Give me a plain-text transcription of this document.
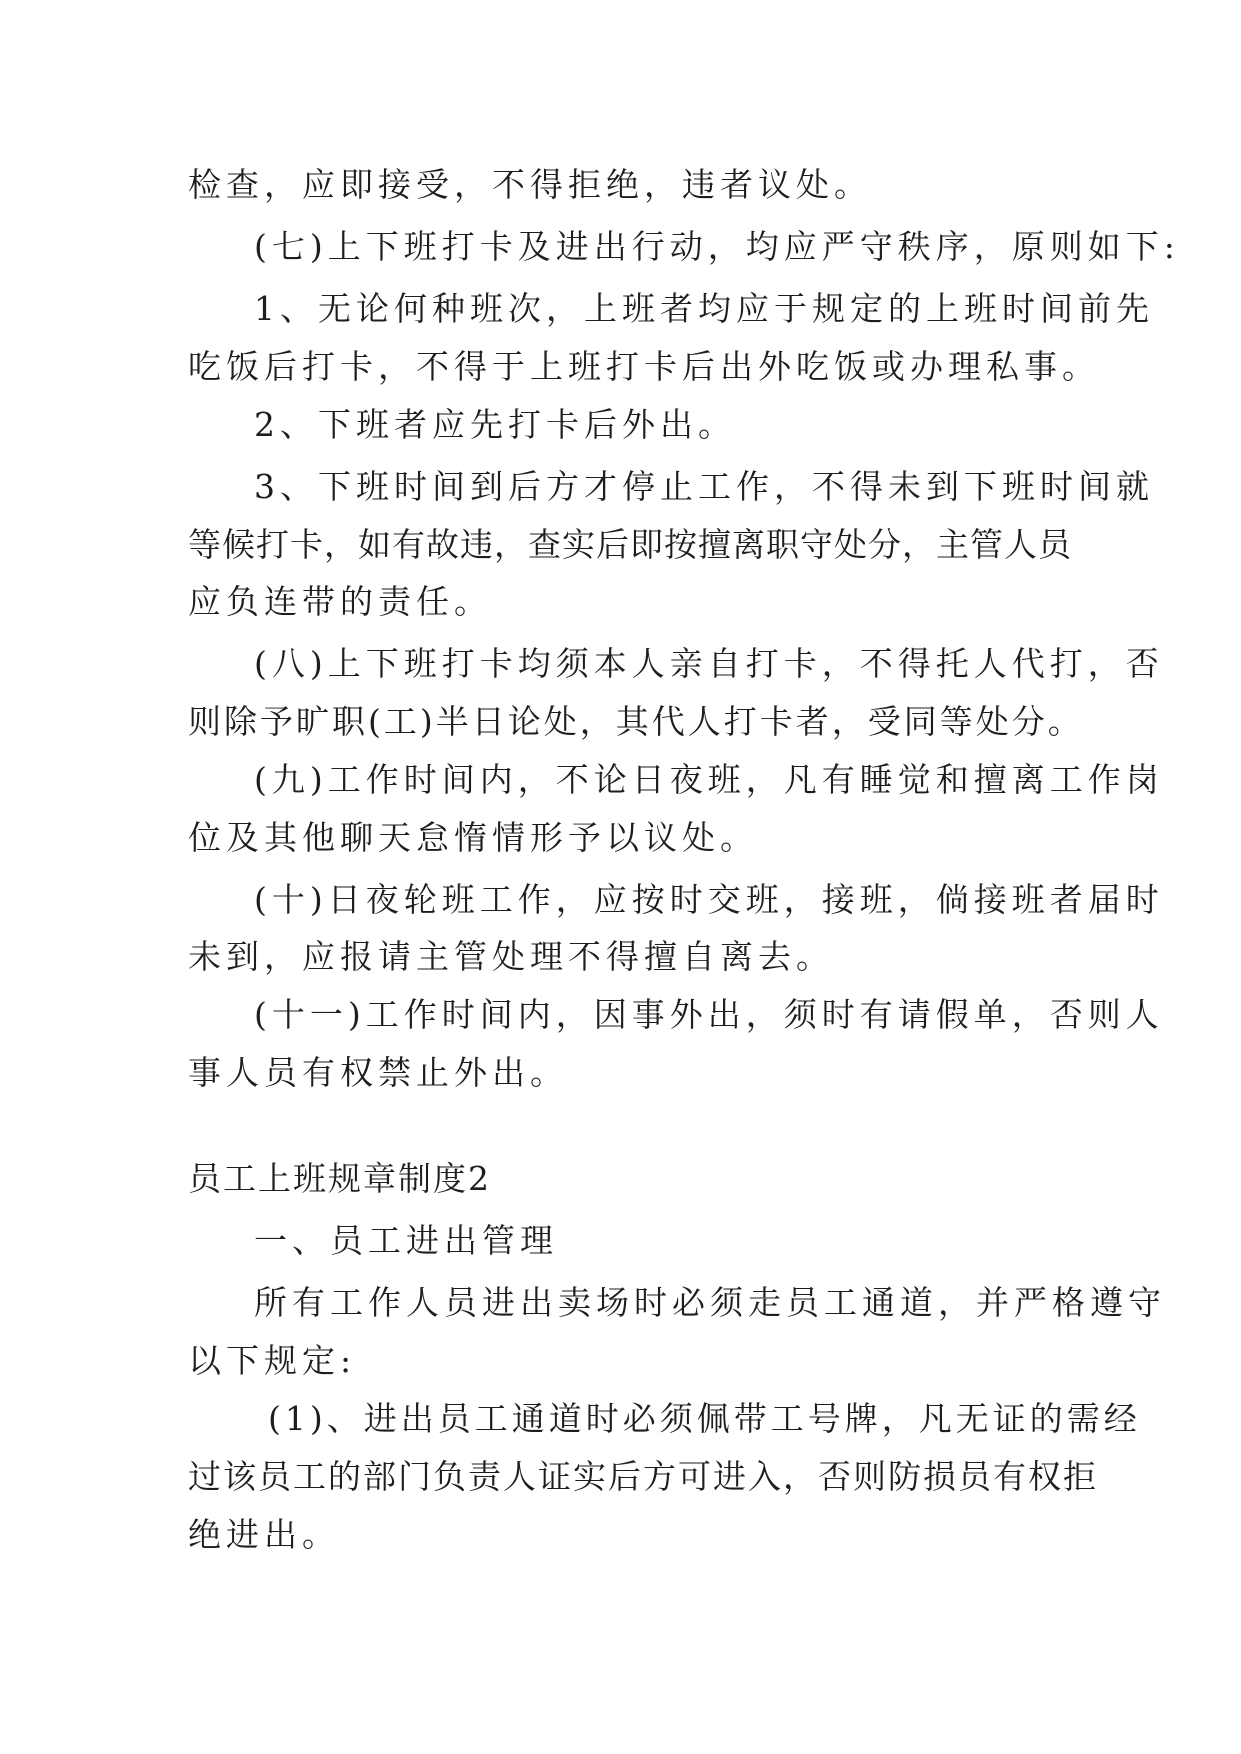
检查，应即接受，不得拒绝，违者议处。
(七)上下班打卡及进出行动，均应严守秩序，原则如下:
1、无论何种班次，上班者均应于规定的上班时间前先
吃饭后打卡，不得于上班打卡后出外吃饭或办理私事。
2、下班者应先打卡后外出。
3、下班时间到后方才停止工作，不得未到下班时间就
等候打卡，如有故违，查实后即按擅离职守处分，主管人员
应负连带的责任。
(八)上下班打卡均须本人亲自打卡，不得托人代打，否
则除予旷职(工)半日论处，其代人打卡者，受同等处分。
(九)工作时间内，不论日夜班，凡有睡觉和擅离工作岗
位及其他聊天怠惰情形予以议处。
(十)日夜轮班工作，应按时交班，接班，倘接班者届时
未到，应报请主管处理不得擅自离去。
(十一)工作时间内，因事外出，须时有请假单，否则人
事人员有权禁止外出。
员工上班规章制度2
一、员工进出管理
所有工作人员进出卖场时必须走员工通道，并严格遵守
以下规定:
(1)、进出员工通道时必须佩带工号牌，凡无证的需经
过该员工的部门负责人证实后方可进入，否则防损员有权拒
绝进出。
